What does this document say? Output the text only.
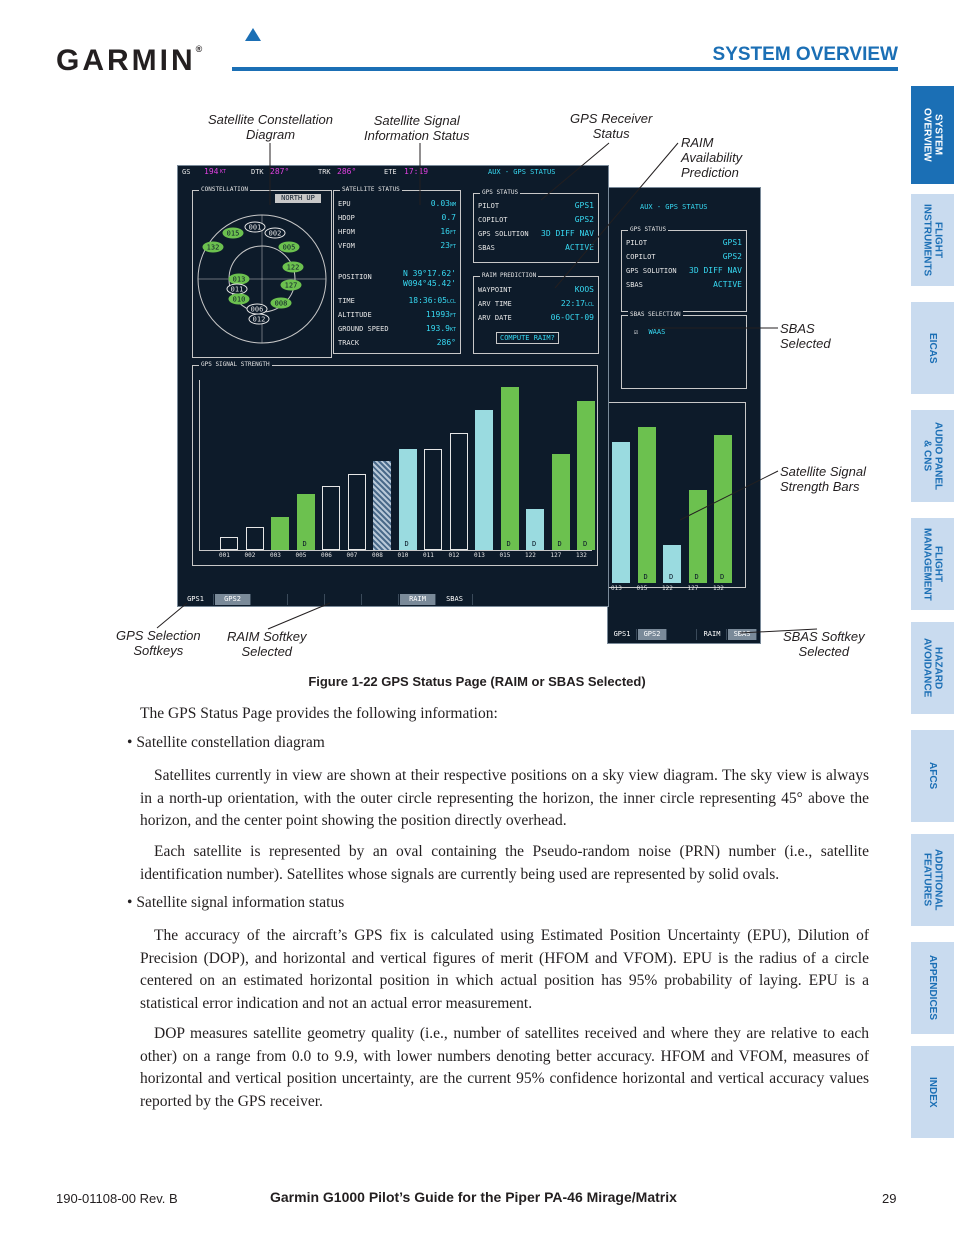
GARMIN®	SYSTEM OVERVIEW
SYSTEM
OVERVIEW
FLIGHT
INSTRUMENTS
EICAS
AUDIO PANEL
& CNS
FLIGHT
MANAGEMENT
HAZARD
AVOIDANCE
AFCS
ADDITIONAL
FEATURES
APPENDICES
INDEX
AUX - GPS STATUS
GPS STATUS
PILOT	GPS1
COPILOT	GPS2
GPS SOLUTION 3D DIFF NAV
SBAS	ACTIVE
SBAS SELECTION
☑ WAAS
013
D
015
D
122
D
127
D
132
GPS1	GPS2	RAIM	SBAS
GS 194 KT	DTK 287°	TRK 286°	ETE 17:19	AUX - GPS STATUS
CONSTELLATION
NORTH UP
001
015	002
005
132
122
013
011	127
010	008
006
012
SATELLITE STATUS
POSITION	N 39°17.62'
W094°45.42'
EPU	0.03NM
HDOP	0.7
HFOM	16FT
VFOM	23FT
TIME	18:36:05LCL
ALTITUDE	11993FT
GROUND SPEED	193.9KT
TRACK	286°
GPS STATUS
PILOT	GPS1
COPILOT	GPS2
GPS SOLUTION 3D DIFF NAV
SBAS	ACTIVE
RAIM PREDICTION
COMPUTE RAIM?
WAYPOINT	KOOS
ARV TIME	22:17LCL
ARV DATE	06-OCT-09
GPS SIGNAL STRENGTH
001 002 003
D
005 006 007 008
D
010 011 012 013
D
015
D
122
D
127
D
132
GPS1	GPS2	RAIM	SBAS
Satellite Constellation
Diagram
Satellite Signal
Information Status
GPS Receiver
Status
RAIM
Availability
Prediction
SBAS
Selected
Satellite Signal
Strength Bars
GPS Selection
Softkeys
RAIM Softkey
Selected
SBAS Softkey
Selected
Figure 1-22 GPS Status Page (RAIM or SBAS Selected)
The GPS Status Page provides the following information:
• Satellite constellation diagram
Satellites currently in view are shown at their respective positions on a sky view diagram. The sky view is always in a north-up orientation, with the outer circle representing the horizon, the inner circle representing 45° above the horizon, and the center point showing the position directly overhead.
Each satellite is represented by an oval containing the Pseudo-random noise (PRN) number (i.e., satellite identification number). Satellites whose signals are currently being used are represented by solid ovals.
• Satellite signal information status
The accuracy of the aircraft’s GPS fix is calculated using Estimated Position Uncertainty (EPU), Dilution of Precision (DOP), and horizontal and vertical figures of merit (HFOM and VFOM). EPU is the radius of a circle centered on an estimated horizontal position in which actual position has 95% probability of laying. EPU is a statistical error indication and not an actual error measurement.
DOP measures satellite geometry quality (i.e., number of satellites received and where they are relative to each other) on a range from 0.0 to 9.9, with lower numbers denoting better accuracy. HFOM and VFOM, measures of horizontal and vertical position uncertainty, are the current 95% confidence horizontal and vertical accuracy values reported by the GPS receiver.
190-01108-00 Rev. B	Garmin G1000 Pilot’s Guide for the Piper PA-46 Mirage/Matrix	29
